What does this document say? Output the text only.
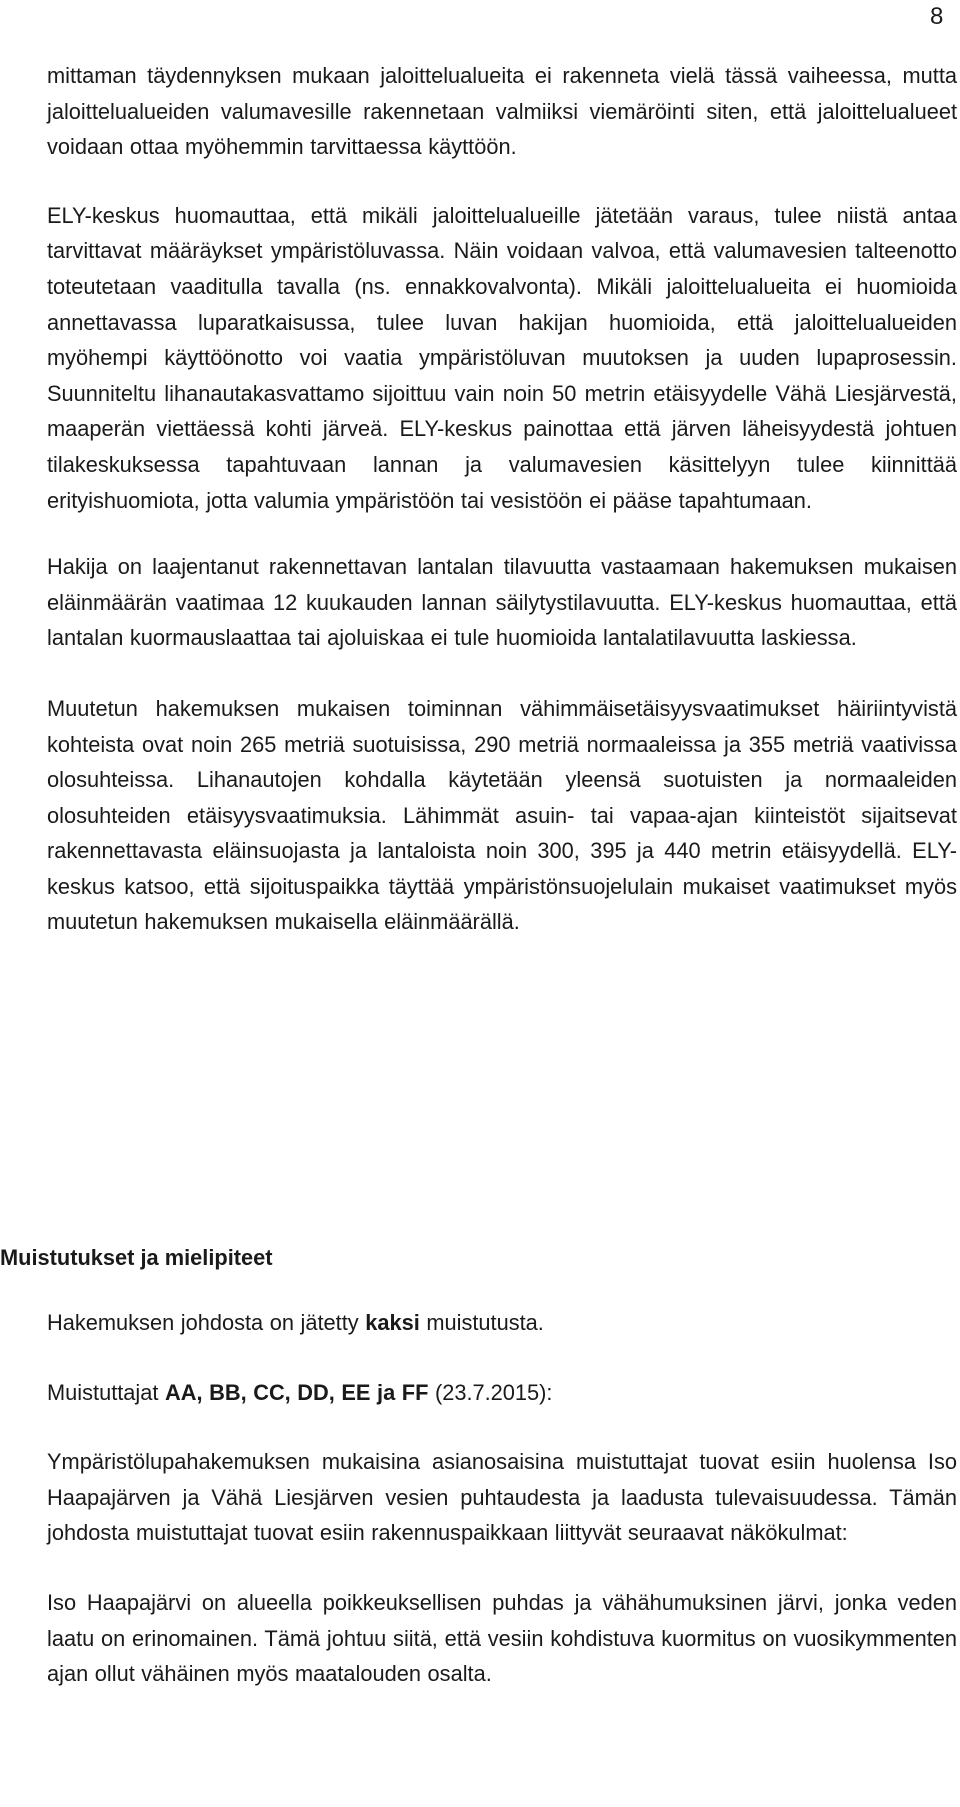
8

mittaman täydennyksen mukaan jaloittelualueita ei rakenneta vielä tässä vaiheessa, mutta jaloittelualueiden valumavesille rakennetaan valmiiksi viemäröinti siten, että jaloittelualueet voidaan ottaa myöhemmin tarvittaessa käyttöön.

ELY-keskus huomauttaa, että mikäli jaloittelualueille jätetään varaus, tulee niistä antaa tarvittavat määräykset ympäristöluvassa. Näin voidaan valvoa, että valumavesien talteenotto toteutetaan vaaditulla tavalla (ns. ennakkovalvonta). Mikäli jaloittelualueita ei huomioida annettavassa luparatkaisussa, tulee luvan hakijan huomioida, että jaloittelualueiden myöhempi käyttöönotto voi vaatia ympäristöluvan muutoksen ja uuden lupaprosessin. Suunniteltu lihanautakasvattamo sijoittuu vain noin 50 metrin etäisyydelle Vähä Liesjärvestä, maaperän viettäessä kohti järveä. ELY-keskus painottaa että järven läheisyydestä johtuen tilakeskuksessa tapahtuvaan lannan ja valumavesien käsittelyyn tulee kiinnittää erityishuomiota, jotta valumia ympäristöön tai vesistöön ei pääse tapahtumaan.

Hakija on laajentanut rakennettavan lantalan tilavuutta vastaamaan hakemuksen mukaisen eläinmäärän vaatimaa 12 kuukauden lannan säilytystilavuutta. ELY-keskus huomauttaa, että lantalan kuormauslaattaa tai ajoluiskaa ei tule huomioida lantalatilavuutta laskiessa.

Muutetun hakemuksen mukaisen toiminnan vähimmäisetäisyysvaatimukset häiriintyvistä kohteista ovat noin 265 metriä suotuisissa, 290 metriä normaaleissa ja 355 metriä vaativissa olosuhteissa. Lihanautojen kohdalla käytetään yleensä suotuisten ja normaaleiden olosuhteiden etäisyysvaatimuksia. Lähimmät asuin- tai vapaa-ajan kiinteistöt sijaitsevat rakennettavasta eläinsuojasta ja lantaloista noin 300, 395 ja 440 metrin etäisyydellä. ELY-keskus katsoo, että sijoituspaikka täyttää ympäristönsuojelulain mukaiset vaatimukset myös muutetun hakemuksen mukaisella eläinmäärällä.

Muistutukset ja mielipiteet

Hakemuksen johdosta on jätetty kaksi muistutusta.

Muistuttajat AA, BB, CC, DD, EE ja FF (23.7.2015):

Ympäristölupahakemuksen mukaisina asianosaisina muistuttajat tuovat esiin huolensa Iso Haapajärven ja Vähä Liesjärven vesien puhtaudesta ja laadusta tulevaisuudessa. Tämän johdosta muistuttajat tuovat esiin rakennuspaikkaan liittyvät seuraavat näkökulmat:

Iso Haapajärvi on alueella poikkeuksellisen puhdas ja vähähumuksinen järvi, jonka veden laatu on erinomainen. Tämä johtuu siitä, että vesiin kohdistuva kuormitus on vuosikymmenten ajan ollut vähäinen myös maatalouden osalta.
